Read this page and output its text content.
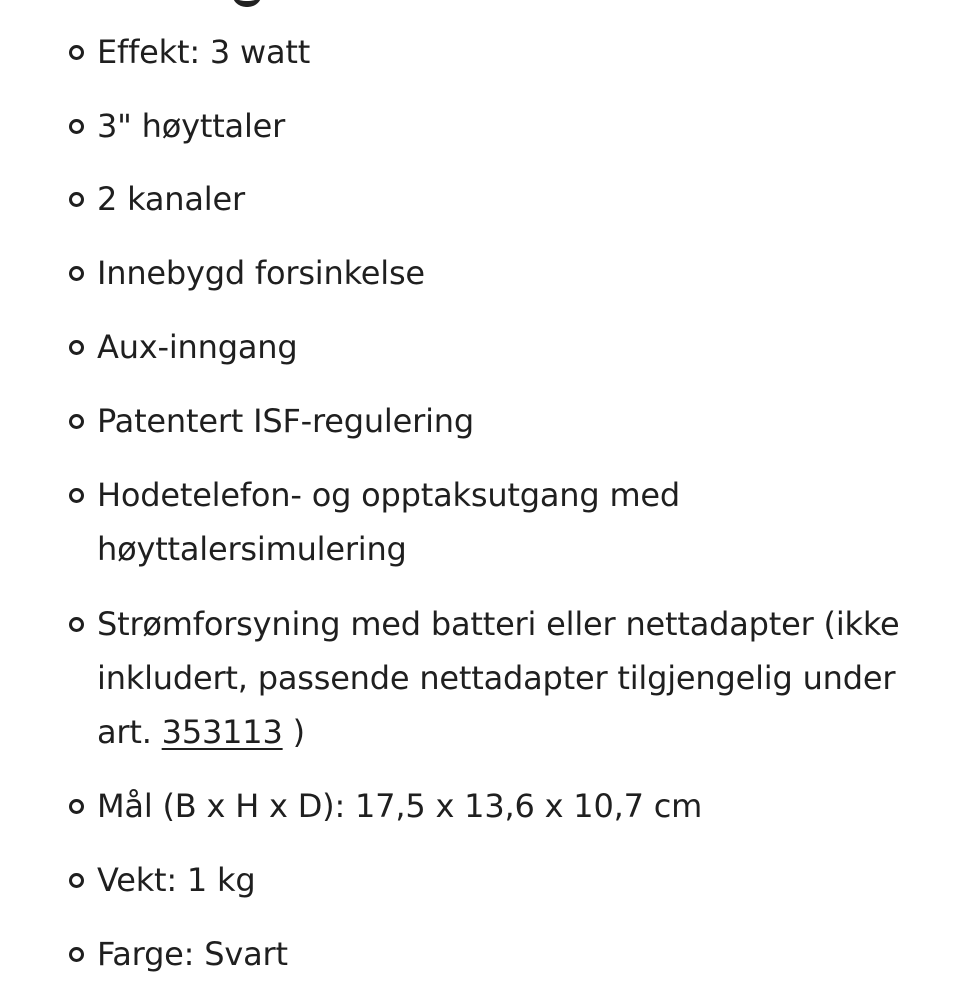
Effekt: 3 watt
3" høyttaler
2 kanaler
Innebygd forsinkelse
Aux-inngang
Patentert ISF-regulering
Hodetelefon- og opptaksutgang med høyttalersimulering
Strømforsyning med batteri eller nettadapter (ikke inkludert, passende nettadapter tilgjengelig under art. 353113 )
Mål (B x H x D): 17,5 x 13,6 x 10,7 cm
Vekt: 1 kg
Farge: Svart
